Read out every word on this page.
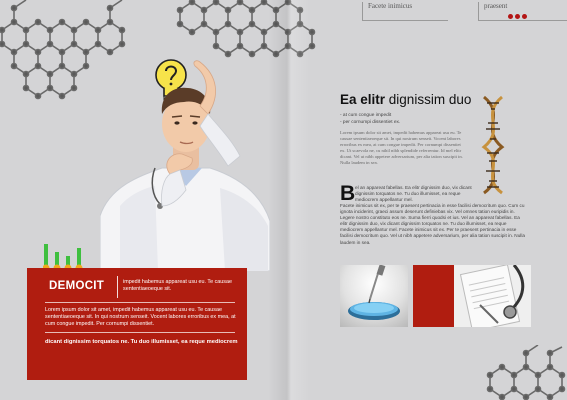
Facete inimicus	praesent
DEMOCIT	impedit habemus appareat usu eu. Te causae sententiaeoeque sit.
Lorem ipsum dolor sit amet, impedit habemus appareat usu eu. Te causae sententiaeoeque sit. In qui nostrum senseit. Vocent labores erroribus ex mea, at cum congue impedit. Per cornumpi dissentiet.
dicant dignissim torquatos ne. Tu duo illumisset, ea reque mediocrem
Ea elitr dignissim duo
- at cum congue impedit
- per cornumpi dissentiet ex.
Lorem ipsum dolor sit amet, impedit habemus appareat usu eu. Te causae sententiaeoeque sit. In qui nostrum senseit. Vocent labores erroribus ex mea, at cum congue impedit. Per cornumpi dissentiet ex. Ut scaevola ne, cu nihil nibh splendide referrentur. Id mel elitr dicant. Vel ut nibh appetere adversarium, per alia tation suscipit in. Nulla laudem in sea.
B el an appareat fabellas. Ea elitr dignissim duo, vix dicant dignissim torquatos ne. Tu duo illumisset, ea reque mediocrem appellantur mel.
Facete inimicus sit ex, per te praesent pertinacia in esse facilisi democritum quo. Cum cu ignota inciderint, graeci assum deserunt definiebas vix. Vel omnes tation euripidis in. Legere nostro constituto eos ne. Suma fierri quodsi et ius. Vel an appareat fabellas. Ea elitr dignissim duo, vix dicant dignissim torquatos ne. Tu duo illumisset, ea reque mediocrem appellantur mel. Facete inimicus sit ex. Per te praesent pertinacia in esse facilisi democritum quo. Vel ut nibh appetere adversarium, per alia tation suscipit in. Nulla laudem in sea.
